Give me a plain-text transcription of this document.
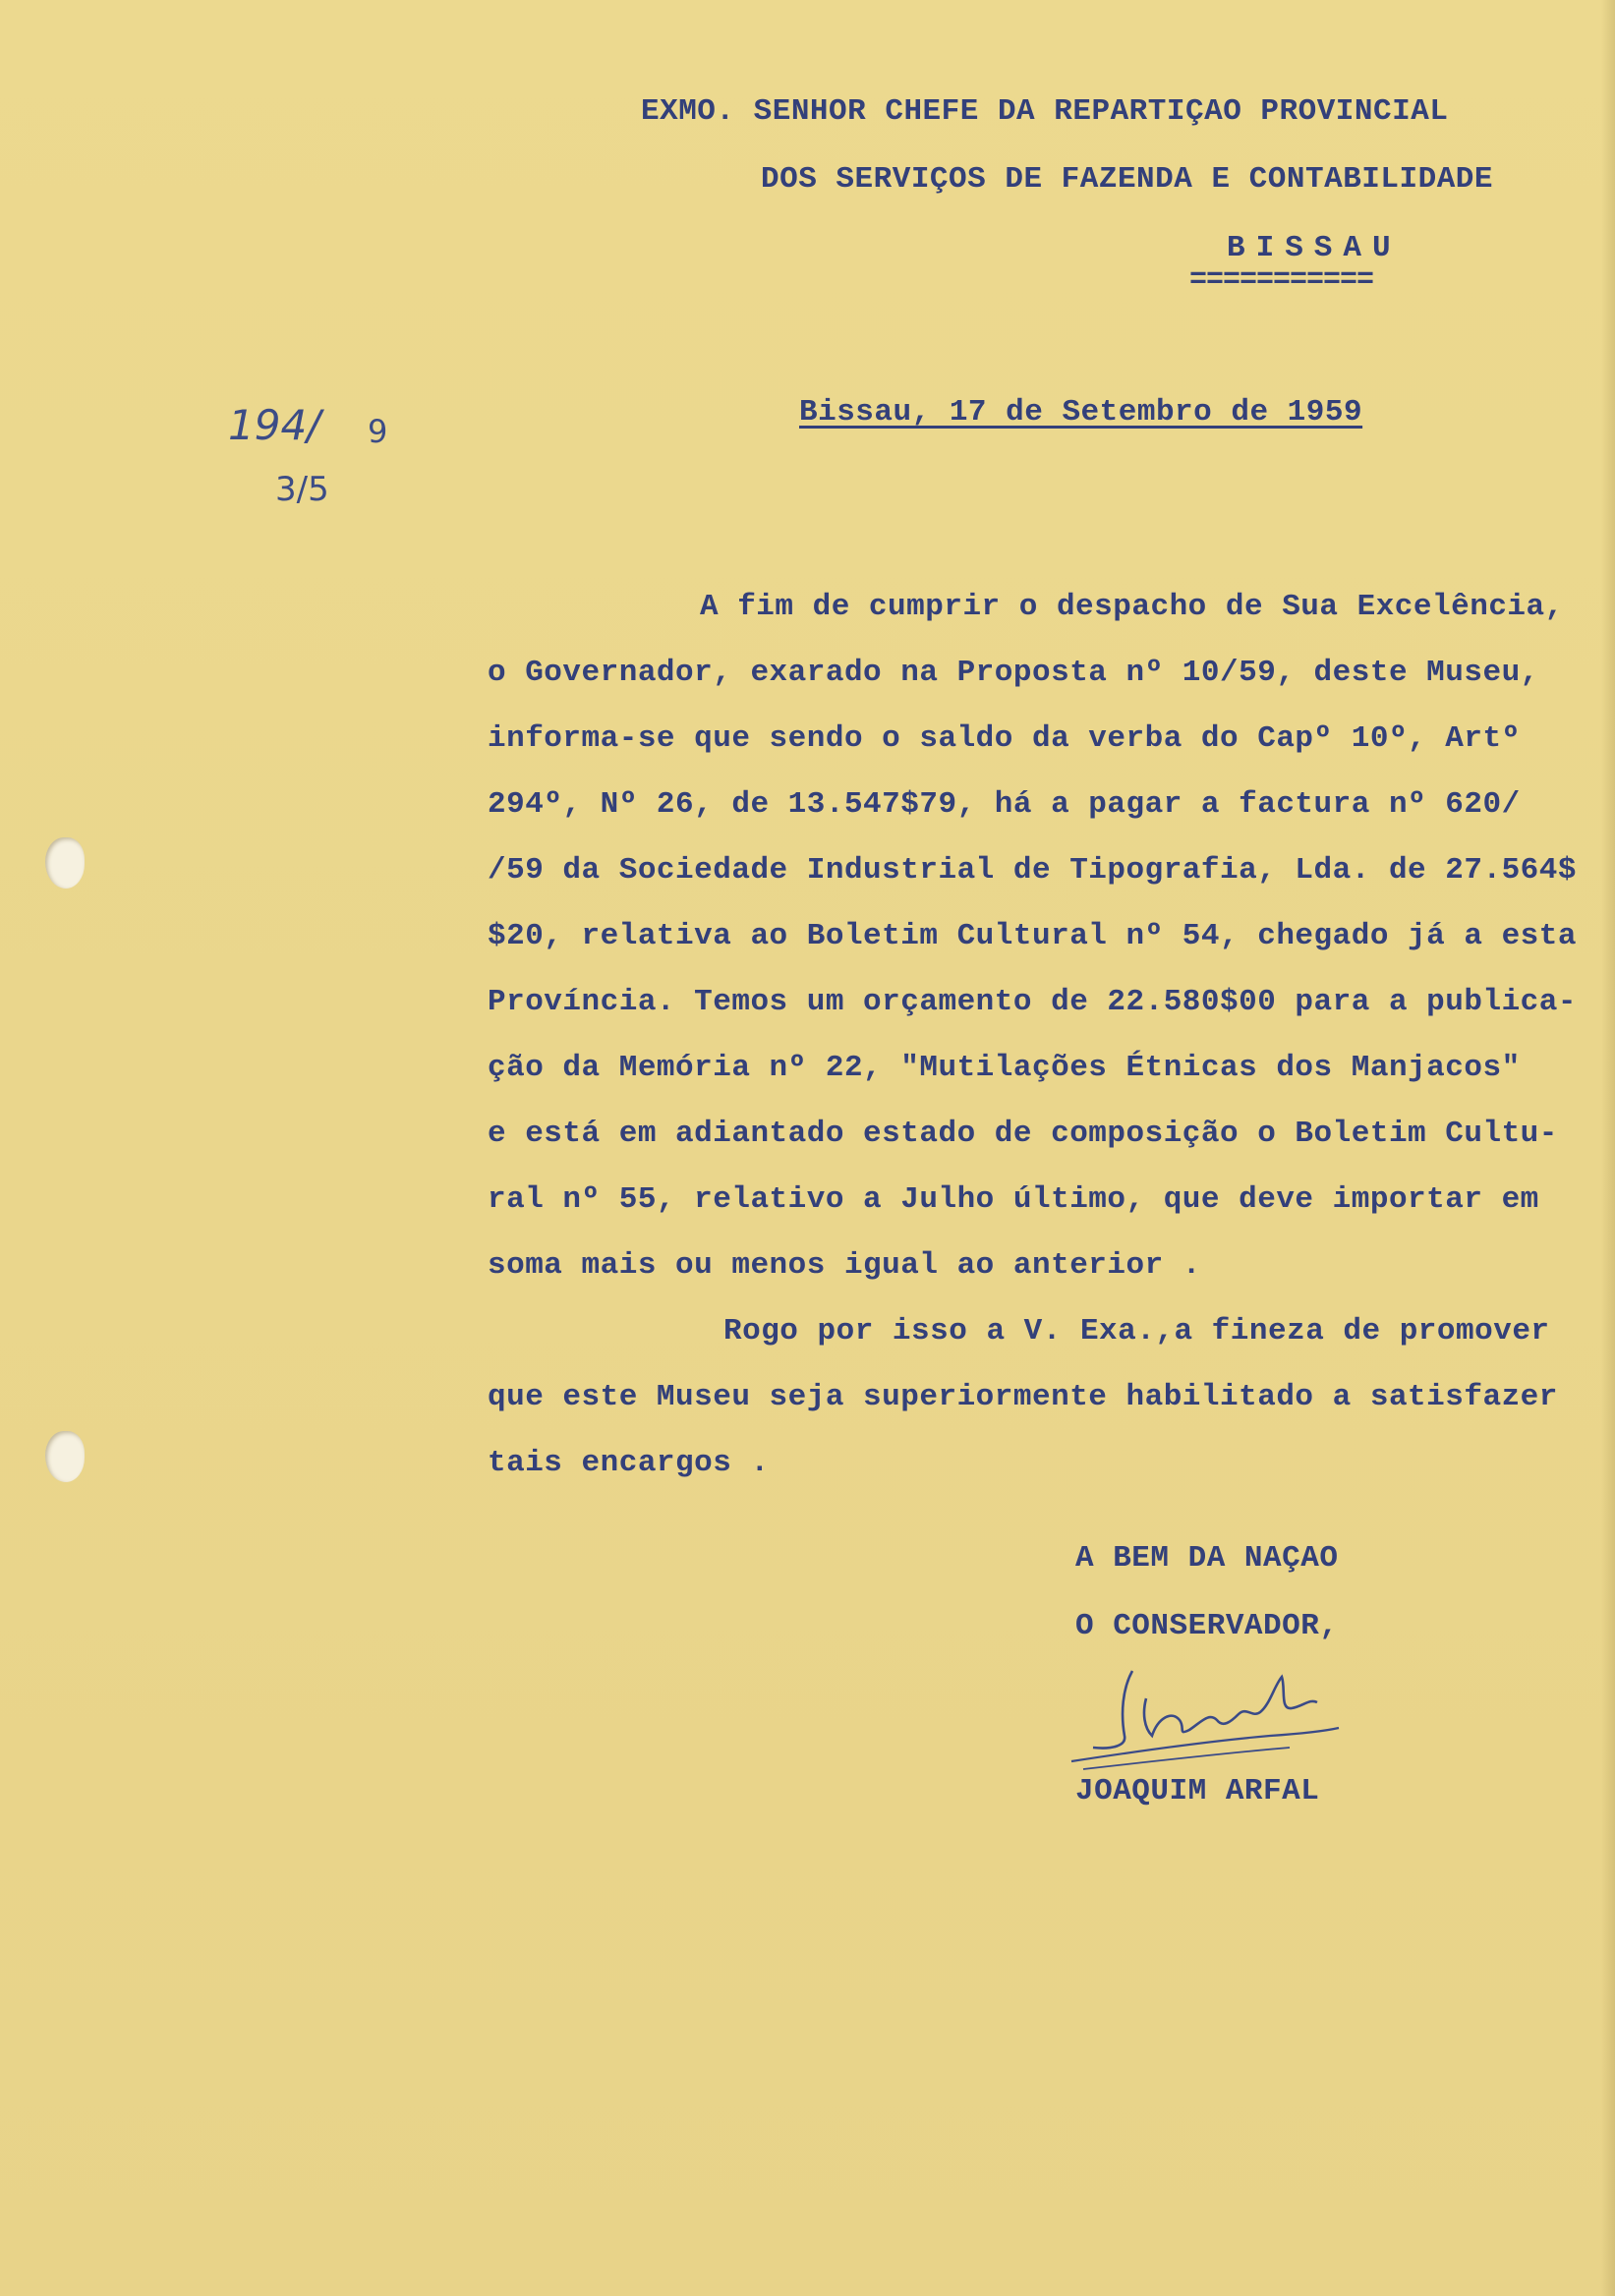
EXMO. SENHOR CHEFE DA REPARTIÇAO PROVINCIAL
DOS SERVIÇOS DE FAZENDA E CONTABILIDADE
BISSAU
===========
194/ 9
3/5
Bissau, 17 de Setembro de 1959
A fim de cumprir o despacho de Sua Excelência,
o Governador, exarado na Proposta nº 10/59, deste Museu,
informa-se que sendo o saldo da verba do Capº 10º, Artº
294º, Nº 26, de 13.547$79, há a pagar a factura nº 620/
/59 da Sociedade Industrial de Tipografia, Lda. de 27.564$
$20, relativa ao Boletim Cultural nº 54, chegado já a esta
Província. Temos um orçamento de 22.580$00 para a publica-
ção da Memória nº 22, "Mutilações Étnicas dos Manjacos"
e está em adiantado estado de composição o Boletim Cultu-
ral nº 55, relativo a Julho último, que deve importar em
soma mais ou menos igual ao anterior .
Rogo por isso a V. Exa.,a fineza de promover
que este Museu seja superiormente habilitado a satisfazer
tais encargos .
A BEM DA NAÇAO
O CONSERVADOR,
JOAQUIM ARFAL
